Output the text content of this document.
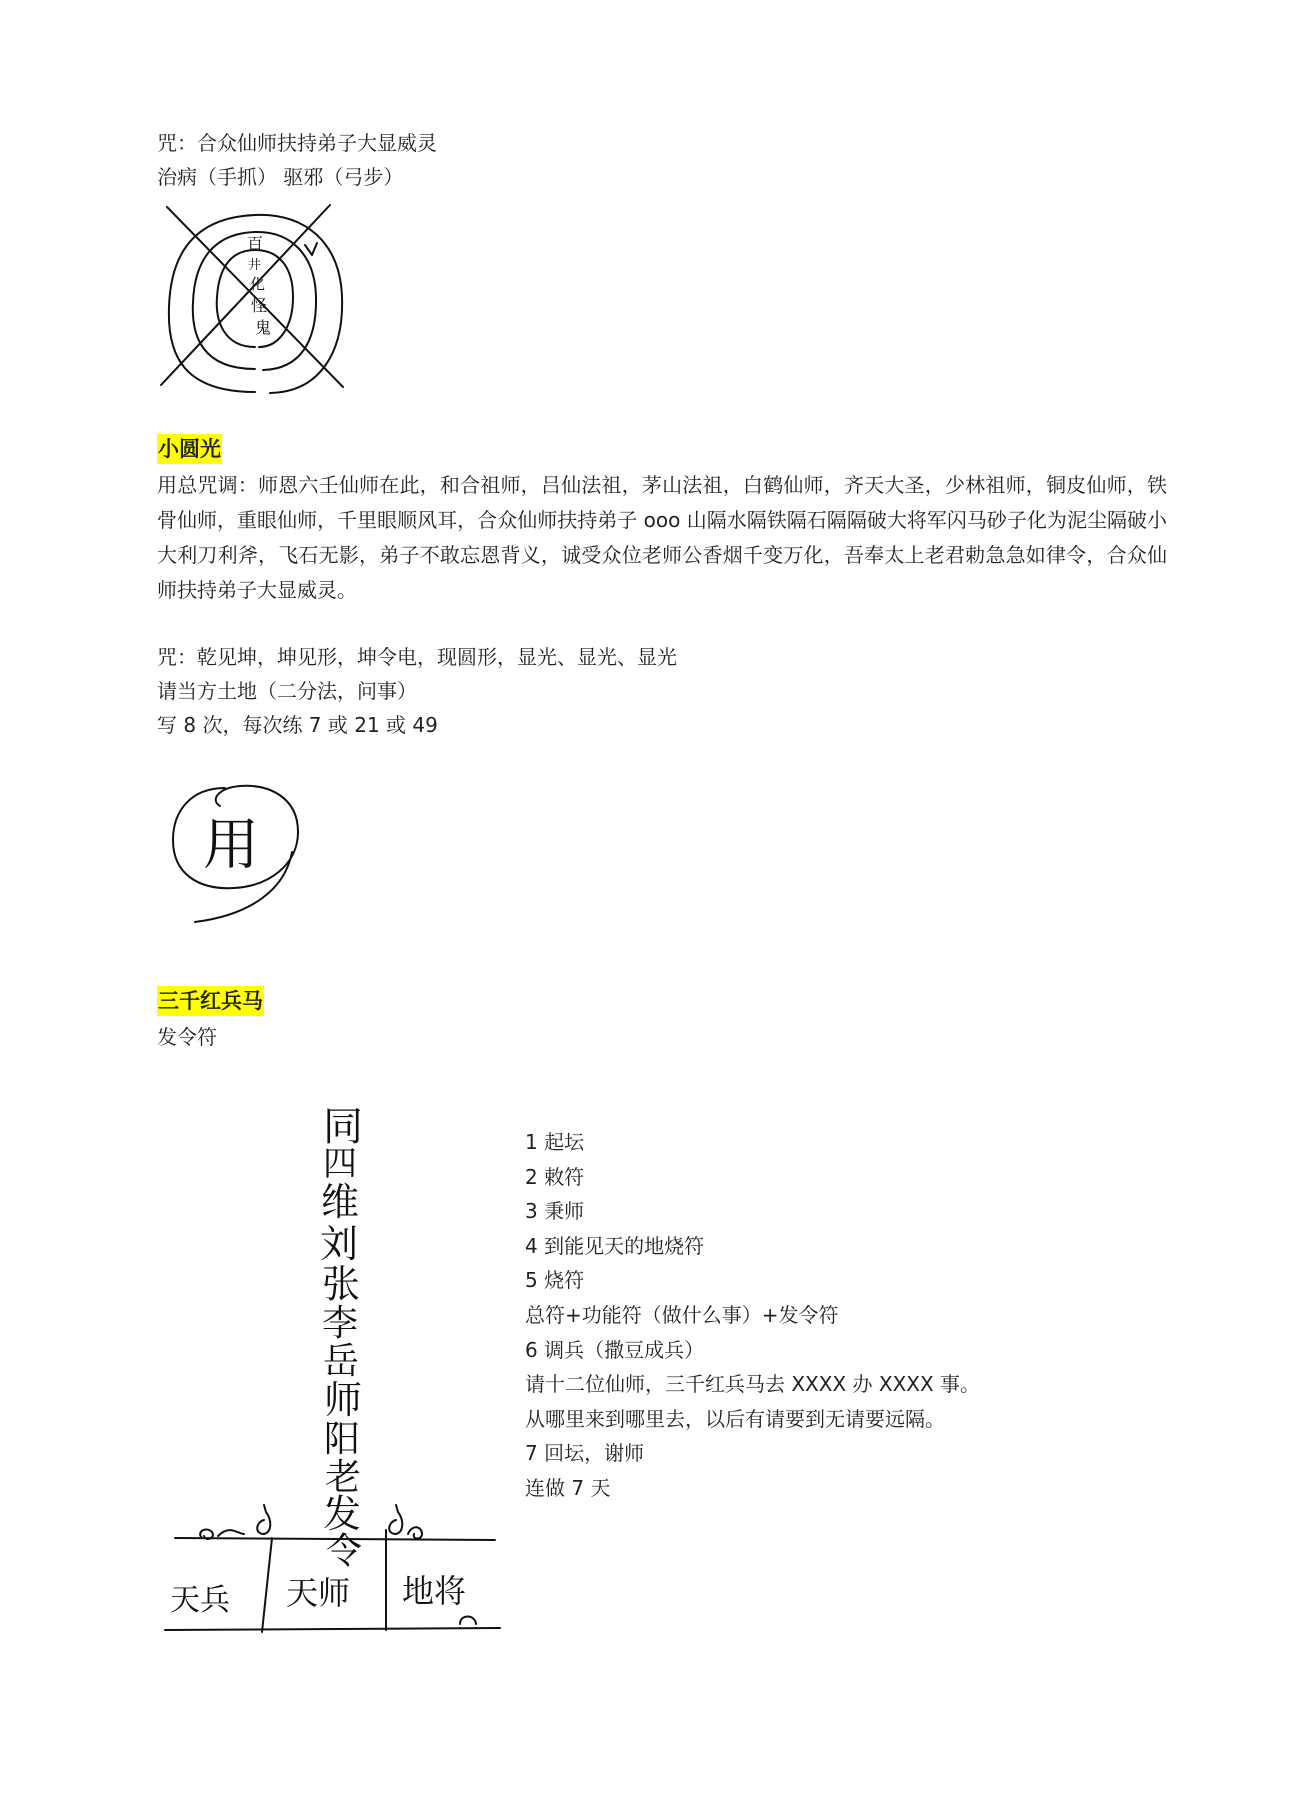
咒：合众仙师扶持弟子大显威灵

治病（手抓） 驱邪（弓步）

百
井
化
怪
鬼

小圆光

用总咒调：师恩六壬仙师在此，和合祖师，吕仙法祖，茅山法祖，白鹤仙师，齐天大圣，少林祖师，铜皮仙师，铁骨仙师，重眼仙师，千里眼顺风耳，合众仙师扶持弟子 ooo 山隔水隔铁隔石隔隔破大将军闪马砂子化为泥尘隔破小大利刀利斧，飞石无影，弟子不敢忘恩背义，诚受众位老师公香烟千变万化，吾奉太上老君勅急急如律令，合众仙师扶持弟子大显威灵。

咒：乾见坤，坤见形，坤令电，现圆形，显光、显光、显光

请当方土地（二分法，问事）

写 8 次，每次练 7 或 21 或 49

用

三千红兵马

发令符

同
四
维
刘
张
李
岳
师
阳
老
发
令
天兵 天师 地将
1 起坛
2 敕符
3 秉师
4 到能见天的地烧符
5 烧符
总符+功能符（做什么事）+发令符
6 调兵（撒豆成兵）
请十二位仙师，三千红兵马去 XXXX 办 XXXX 事。
从哪里来到哪里去，以后有请要到无请要远隔。
7 回坛，谢师
连做 7 天
